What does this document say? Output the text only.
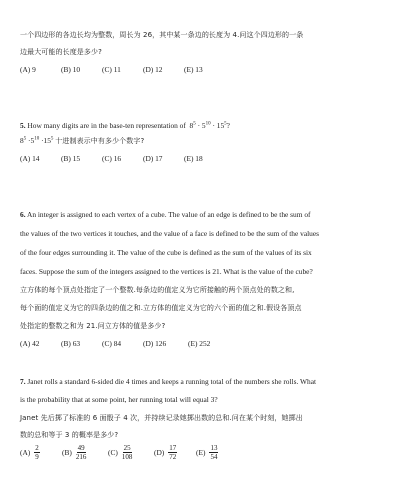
一个四边形的各边长均为整数，周长为 26，其中某一条边的长度为 4.问这个四边形的一条
边最大可能的长度是多少?
(A) 9	(B) 10	(C) 11	(D) 12	(E) 13
5. How many digits are in the base-ten representation of  $8^5 \cdot 5^{10} \cdot 15^5$?
$8^5 \cdot 5^{10} \cdot 15^5$ 十进制表示中有多少个数字?
(A) 14	(B) 15	(C) 16	(D) 17	(E) 18
6. An integer is assigned to each vertex of a cube. The value of an edge is defined to be the sum of
the values of the two vertices it touches, and the value of a face is defined to be the sum of the values
of the four edges surrounding it. The value of the cube is defined as the sum of the values of its six
faces. Suppose the sum of the integers assigned to the vertices is 21. What is the value of the cube?
立方体的每个顶点处指定了一个整数.每条边的值定义为它所接触的两个顶点处的数之和,
每个面的值定义为它的四条边的值之和.立方体的值定义为它的六个面的值之和.假设各顶点
处指定的整数之和为 21.问立方体的值是多少?
(A) 42	(B) 63	(C) 84	(D) 126	(E) 252
7. Janet rolls a standard 6-sided die 4 times and keeps a running total of the numbers she rolls. What
is the probability that at some point, her running total will equal 3?
Janet 先后掷了标准的 6 面骰子 4 次，并持续记录她掷出数的总和.问在某个时刻，她掷出
数的总和等于 3 的概率是多少?
$(A) \frac{2}{9}$	$(B) \frac{49}{216}$	$(C) \frac{25}{108}$	$(D) \frac{17}{72}$	$(E) \frac{13}{54}$
